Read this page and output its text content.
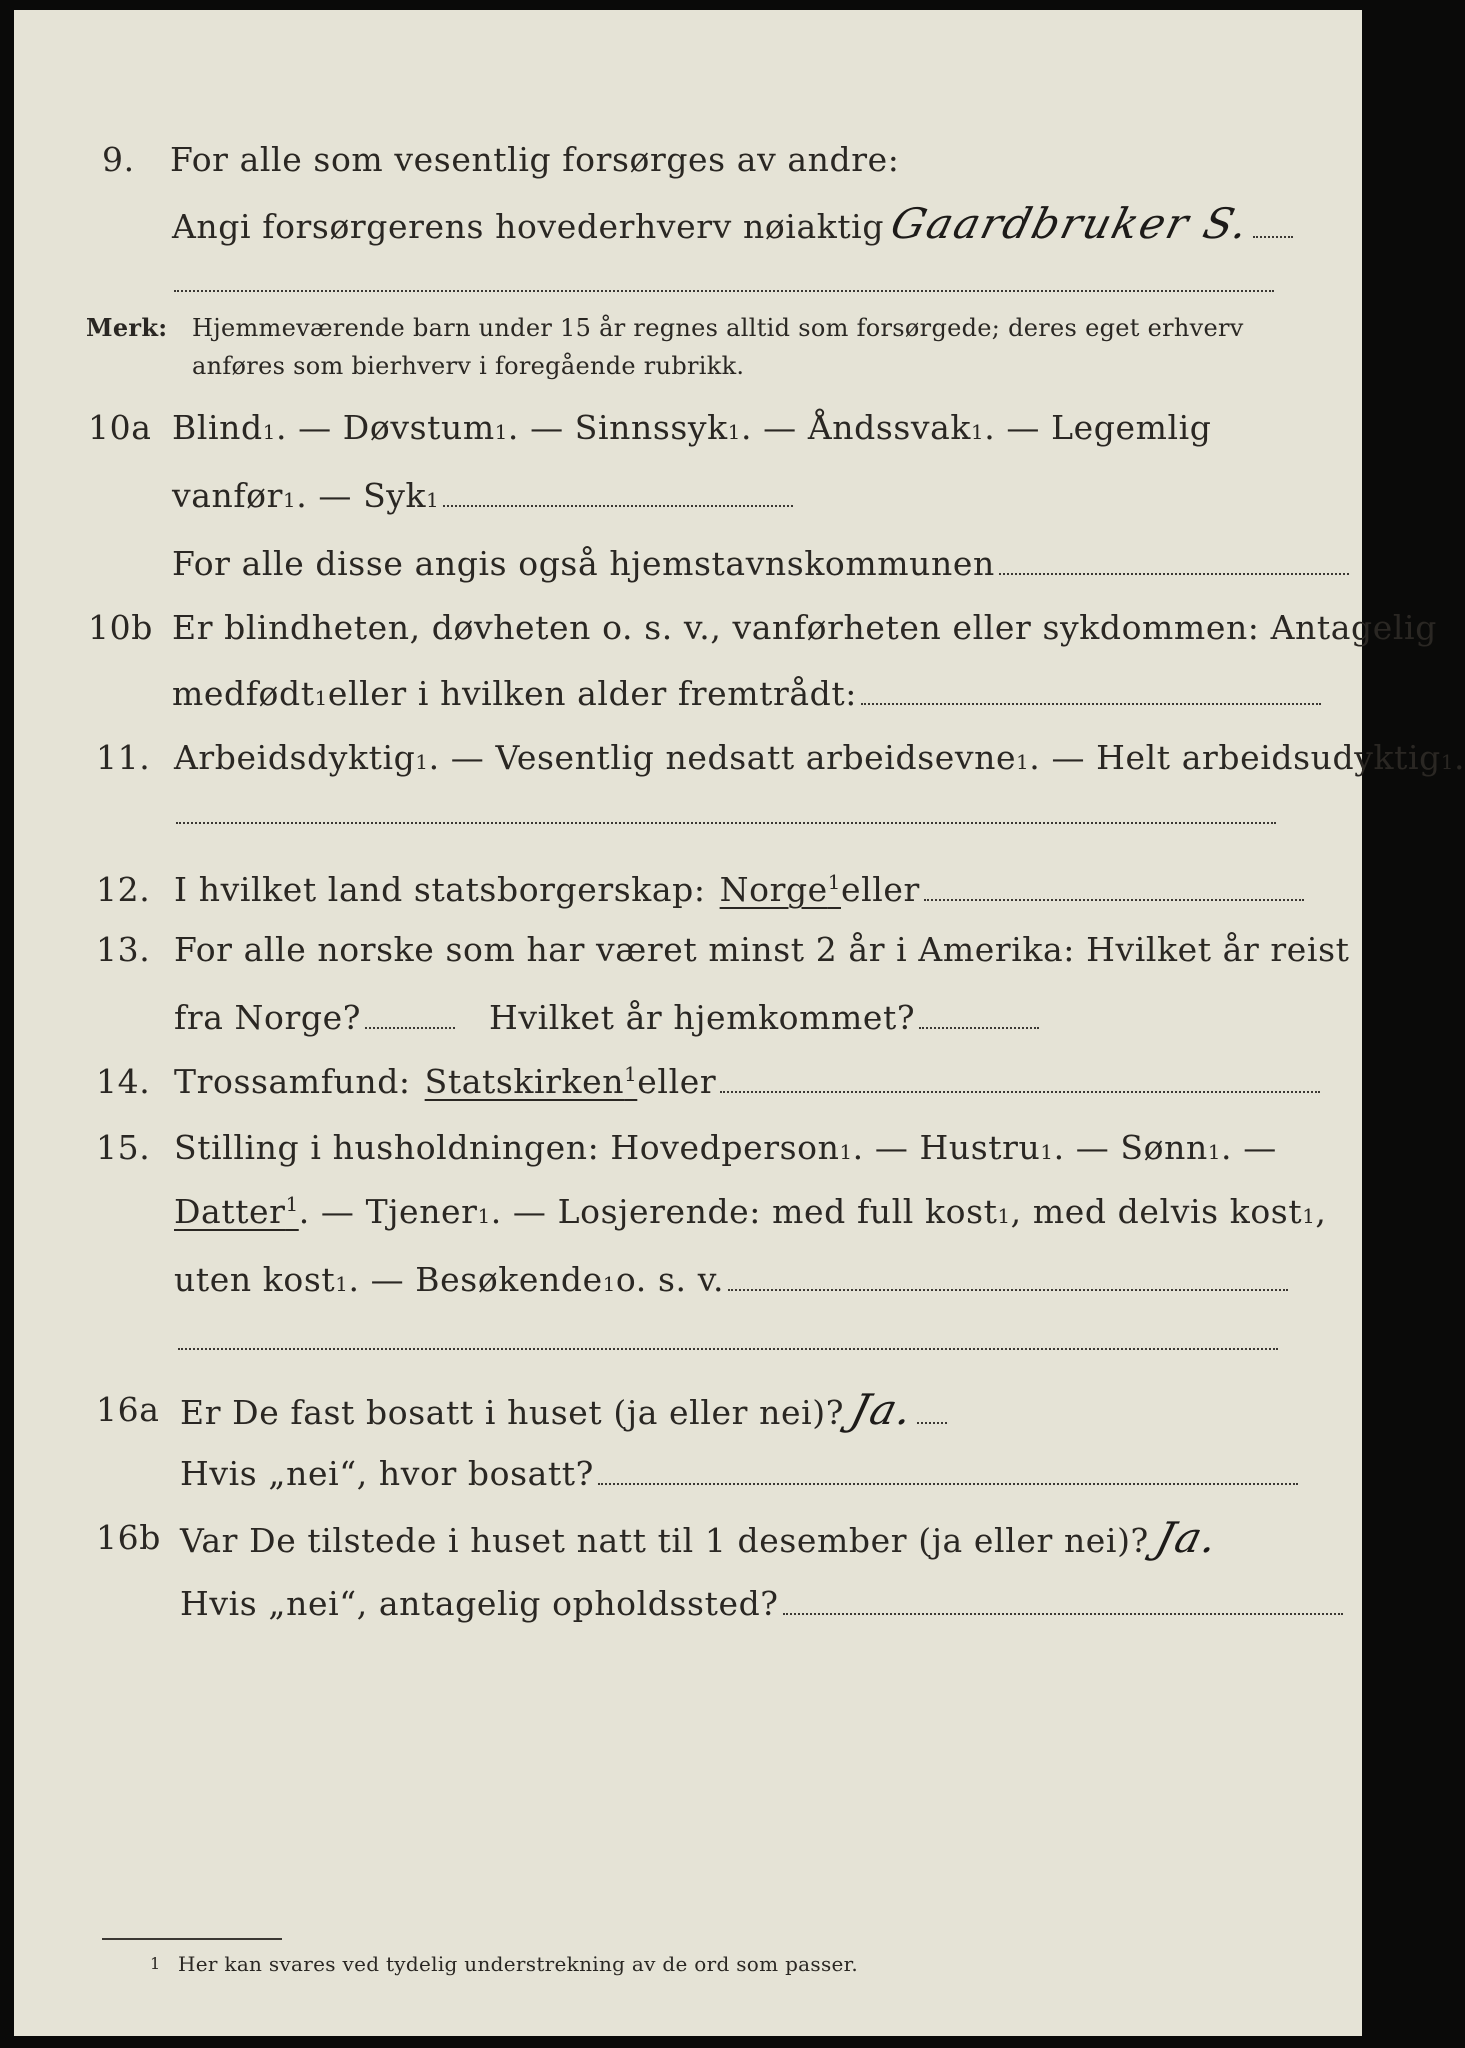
9. For alle som vesentlig forsørges av andre:
Angi forsørgerens hovederhverv nøiaktig Gaardbruker S.
Merk: Hjemmeværende barn under 15 år regnes alltid som forsørgede; deres eget erhverv
anføres som bierhverv i foregående rubrikk.
10a Blind 1 . — Døvstum 1 . — Sinnssyk 1 . — Åndssvak 1 . — Legemlig
vanfør 1 . — Syk 1
For alle disse angis også hjemstavnskommunen
10b Er blindheten, døvheten o. s. v., vanførheten eller sykdommen: Antagelig
medfødt 1 eller i hvilken alder fremtrådt:
11. Arbeidsdyktig 1 . — Vesentlig nedsatt arbeidsevne 1 . — Helt arbeidsudyktig 1 .
12. I hvilket land statsborgerskap: Norge$^1$ eller
13. For alle norske som har været minst 2 år i Amerika: Hvilket år reist
fra Norge?	Hvilket år hjemkommet?
14. Trossamfund: Statskirken$^1$ eller
15. Stilling i husholdningen: Hovedperson 1 . — Hustru 1 . — Sønn 1 . —
Datter$^1$ . — Tjener 1 . — Losjerende: med full kost 1 , med delvis kost 1 ,
uten kost 1 . — Besøkende 1 o. s. v.
16a Er De fast bosatt i huset (ja eller nei)? Ja.
Hvis „nei“, hvor bosatt?
16b Var De tilstede i huset natt til 1 desember (ja eller nei)? Ja.
Hvis „nei“, antagelig opholdssted?
1 Her kan svares ved tydelig understrekning av de ord som passer.
